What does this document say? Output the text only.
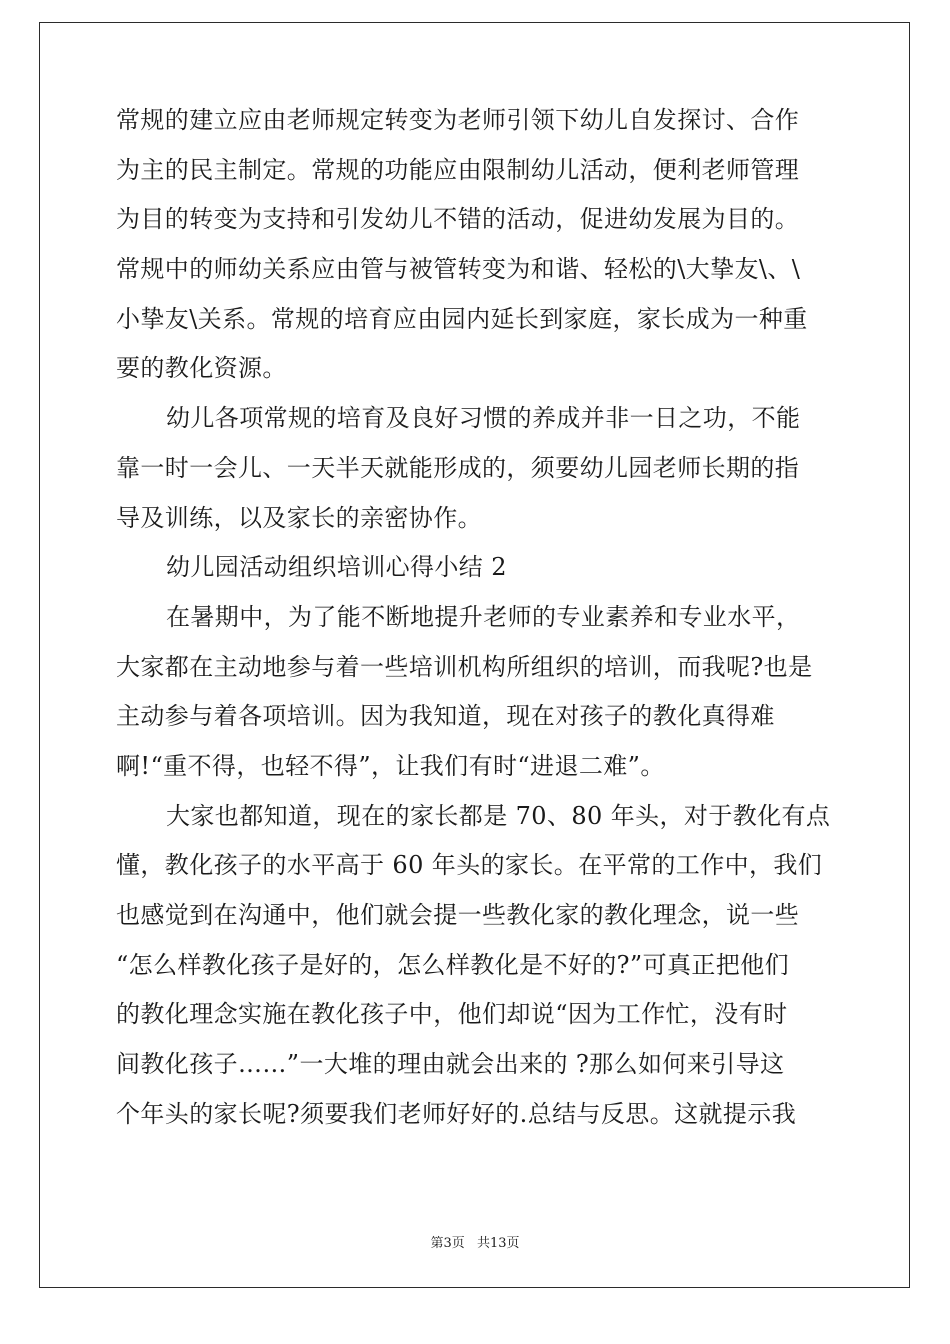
常规的建立应由老师规定转变为老师引领下幼儿自发探讨、合作
为主的民主制定。常规的功能应由限制幼儿活动，便利老师管理
为目的转变为支持和引发幼儿不错的活动，促进幼发展为目的。
常规中的师幼关系应由管与被管转变为和谐、轻松的\大挚友\、\
小挚友\关系。常规的培育应由园内延长到家庭，家长成为一种重
要的教化资源。
幼儿各项常规的培育及良好习惯的养成并非一日之功，不能
靠一时一会儿、一天半天就能形成的，须要幼儿园老师长期的指
导及训练，以及家长的亲密协作。
幼儿园活动组织培训心得小结 2
在暑期中，为了能不断地提升老师的专业素养和专业水平，
大家都在主动地参与着一些培训机构所组织的培训，而我呢?也是
主动参与着各项培训。因为我知道，现在对孩子的教化真得难
啊!“重不得，也轻不得”，让我们有时“进退二难”。
大家也都知道，现在的家长都是 70、80 年头，对于教化有点
懂，教化孩子的水平高于 60 年头的家长。在平常的工作中，我们
也感觉到在沟通中，他们就会提一些教化家的教化理念，说一些
“怎么样教化孩子是好的，怎么样教化是不好的?”可真正把他们
的教化理念实施在教化孩子中，他们却说“因为工作忙，没有时
间教化孩子……”一大堆的理由就会出来的 ?那么如何来引导这
个年头的家长呢?须要我们老师好好的.总结与反思。这就提示我
第3页 共13页
